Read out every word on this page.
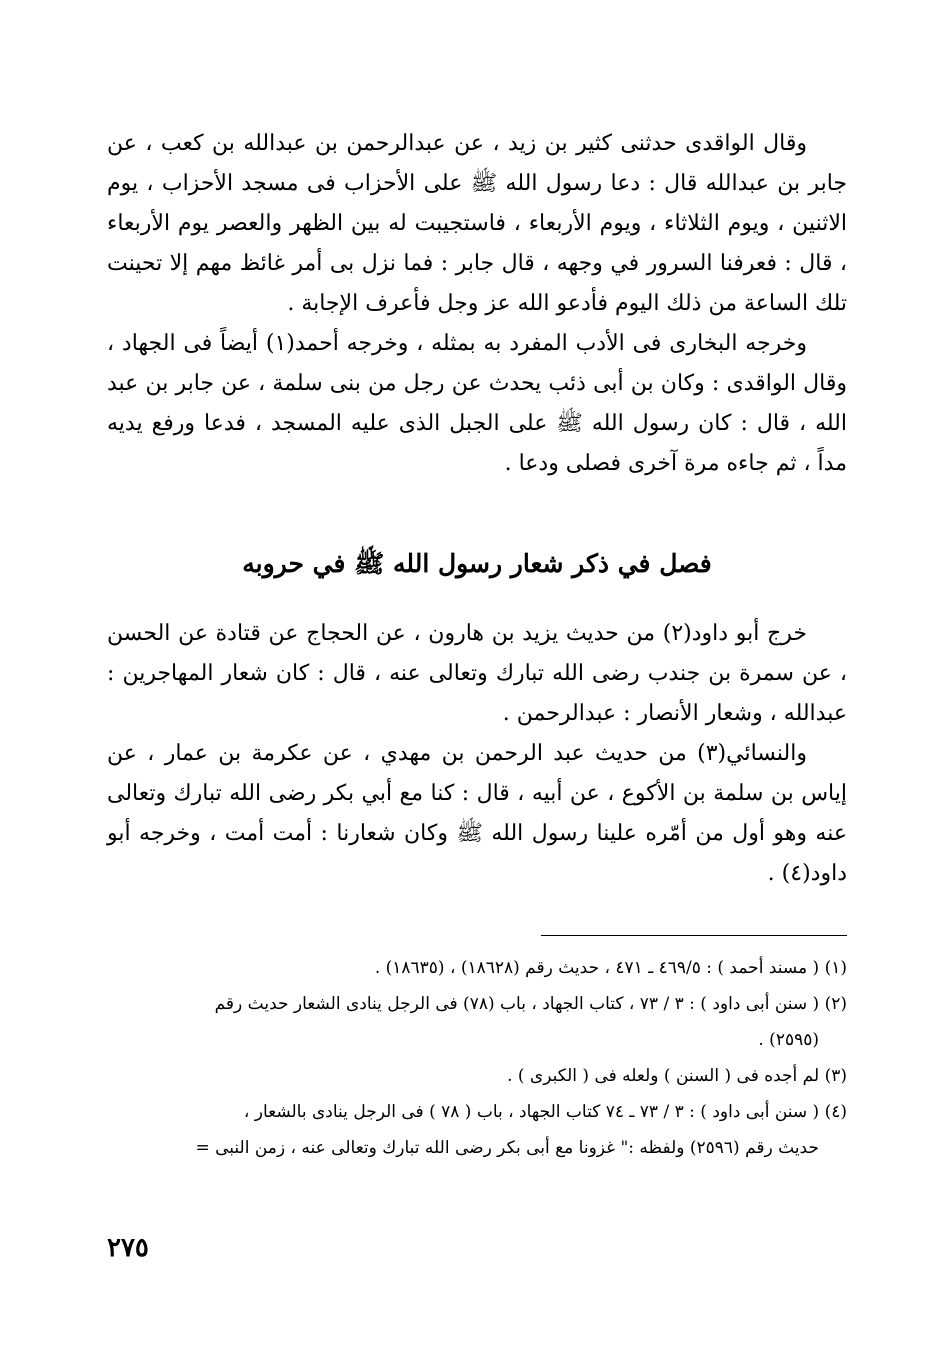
وقال الواقدى حدثنى كثير بن زيد ، عن عبدالرحمن بن عبدالله بن كعب ، عن جابر بن عبدالله قال : دعا رسول الله ﷺ على الأحزاب فى مسجد الأحزاب ، يوم الاثنين ، ويوم الثلاثاء ، ويوم الأربعاء ، فاستجيبت له بين الظهر والعصر يوم الأربعاء ، قال : فعرفنا السرور في وجهه ، قال جابر : فما نزل بى أمر غائظ مهم إلا تحينت تلك الساعة من ذلك اليوم فأدعو الله عز وجل فأعرف الإجابة .

وخرجه البخارى فى الأدب المفرد به بمثله ، وخرجه أحمد(١) أيضاً فى الجهاد ، وقال الواقدى : وكان بن أبى ذئب يحدث عن رجل من بنى سلمة ، عن جابر بن عبد الله ، قال : كان رسول الله ﷺ على الجبل الذى عليه المسجد ، فدعا ورفع يديه مداً ، ثم جاءه مرة آخرى فصلى ودعا .

فصل في ذكر شعار رسول الله ﷺ في حروبه

خرج أبو داود(٢) من حديث يزيد بن هارون ، عن الحجاج عن قتادة عن الحسن ، عن سمرة بن جندب رضى الله تبارك وتعالى عنه ، قال : كان شعار المهاجرين : عبدالله ، وشعار الأنصار : عبدالرحمن .

والنسائي(٣) من حديث عبد الرحمن بن مهدي ، عن عكرمة بن عمار ، عن إياس بن سلمة بن الأكوع ، عن أبيه ، قال : كنا مع أبي بكر رضى الله تبارك وتعالى عنه وهو أول من أمّره علينا رسول الله ﷺ وكان شعارنا : أمت أمت ، وخرجه أبو داود(٤) .

(١) ( مسند أحمد ) : ٤٦٩/٥ ـ ٤٧١ ، حديث رقم (١٨٦٢٨) ، (١٨٦٣٥) .

(٢) ( سنن أبى داود ) : ٣ / ٧٣ ، كتاب الجهاد ، باب (٧٨) فى الرجل ينادى الشعار حديث رقم
(٢٥٩٥) .

(٣) لم أجده فى ( السنن ) ولعله فى ( الكبرى ) .

(٤) ( سنن أبى داود ) : ٣ / ٧٣ ـ ٧٤ كتاب الجهاد ، باب ( ٧٨ ) فى الرجل ينادى بالشعار ،
حديث رقم (٢٥٩٦) ولفظه :" غزونا مع أبى بكر رضى الله تبارك وتعالى عنه ، زمن النبى =

٢٧٥
